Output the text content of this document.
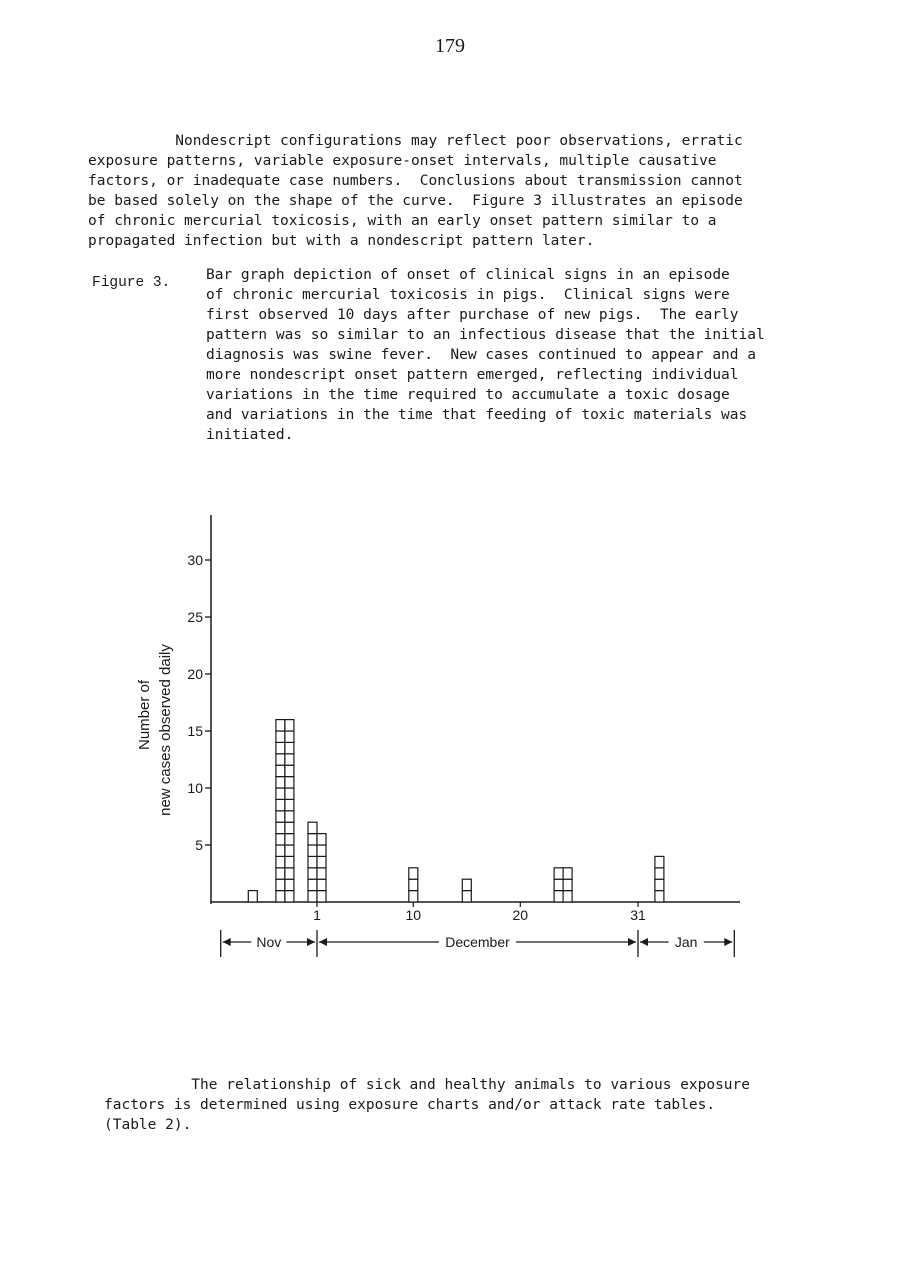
179
Nondescript configurations may reflect poor observations, erratic
exposure patterns, variable exposure-onset intervals, multiple causative
factors, or inadequate case numbers.  Conclusions about transmission cannot
be based solely on the shape of the curve.  Figure 3 illustrates an episode
of chronic mercurial toxicosis, with an early onset pattern similar to a
propagated infection but with a nondescript pattern later.
Figure 3. Bar graph depiction of onset of clinical signs in an episode
of chronic mercurial toxicosis in pigs.  Clinical signs were
first observed 10 days after purchase of new pigs.  The early
pattern was so similar to an infectious disease that the initial
diagnosis was swine fever.  New cases continued to appear and a
more nondescript onset pattern emerged, reflecting individual
variations in the time required to accumulate a toxic dosage
and variations in the time that feeding of toxic materials was
initiated.
5
10
15
20
25
30
Number of new cases observed daily
1	10	20	31
Nov	December	Jan
The relationship of sick and healthy animals to various exposure
factors is determined using exposure charts and/or attack rate tables.
(Table 2).
